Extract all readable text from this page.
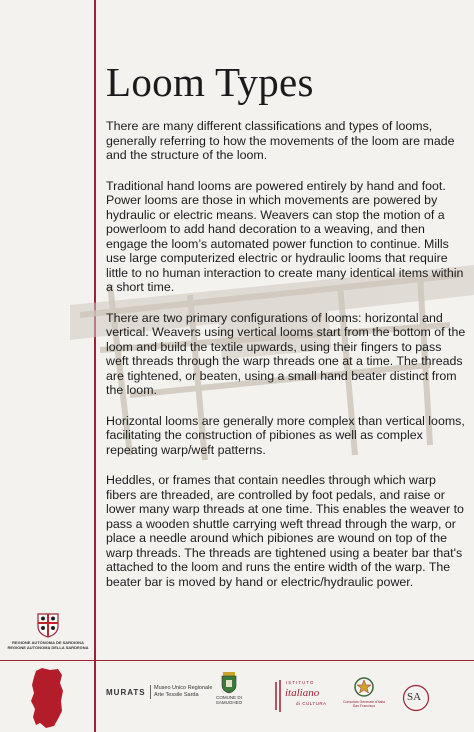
Loom Types

There are many different classifications and types of looms, generally referring to how the movements of the loom are made and the structure of the loom.

Traditional hand looms are powered entirely by hand and foot. Power looms are those in which movements are powered by hydraulic or electric means. Weavers can stop the motion of a powerloom to add hand decoration to a weaving, and then engage the loom’s automated power function to continue. Mills use large computerized electric or hydraulic looms that require little to no human interaction to create many identical items within a short time.

There are two primary configurations of looms: horizontal and vertical. Weavers using vertical looms start from the bottom of the loom and build the textile upwards, using their fingers to pass weft threads through the warp threads one at a time. The threads are tightened, or beaten, using a small hand beater distinct from the loom.

Horizontal looms are generally more complex than vertical looms, facilitating the construction of pibiones as well as complex repeating warp/weft patterns.

Heddles, or frames that contain needles through which warp fibers are threaded, are controlled by foot pedals, and raise or lower many warp threads at one time. This enables the weaver to pass a wooden shuttle carrying weft thread through the warp, or place a needle around which pibiones are wound on top of the warp threads. The threads are tightened using a beater bar that's attached to the loom and runs the entire width of the warp. The beater bar is moved by hand or electric/hydraulic power.

REGIONE AUTÓNOMA DE SARDIGNA
REGIONE AUTONOMA DELLA SARDEGNA
MURATS Museo Unico Regionale
Arte Tessile Sarda	COMUNE DI
SAMUGHEO
ISTITUTO
italiano
di CULTURA	Consolato Generale d'Italia
San Francisco
SA
